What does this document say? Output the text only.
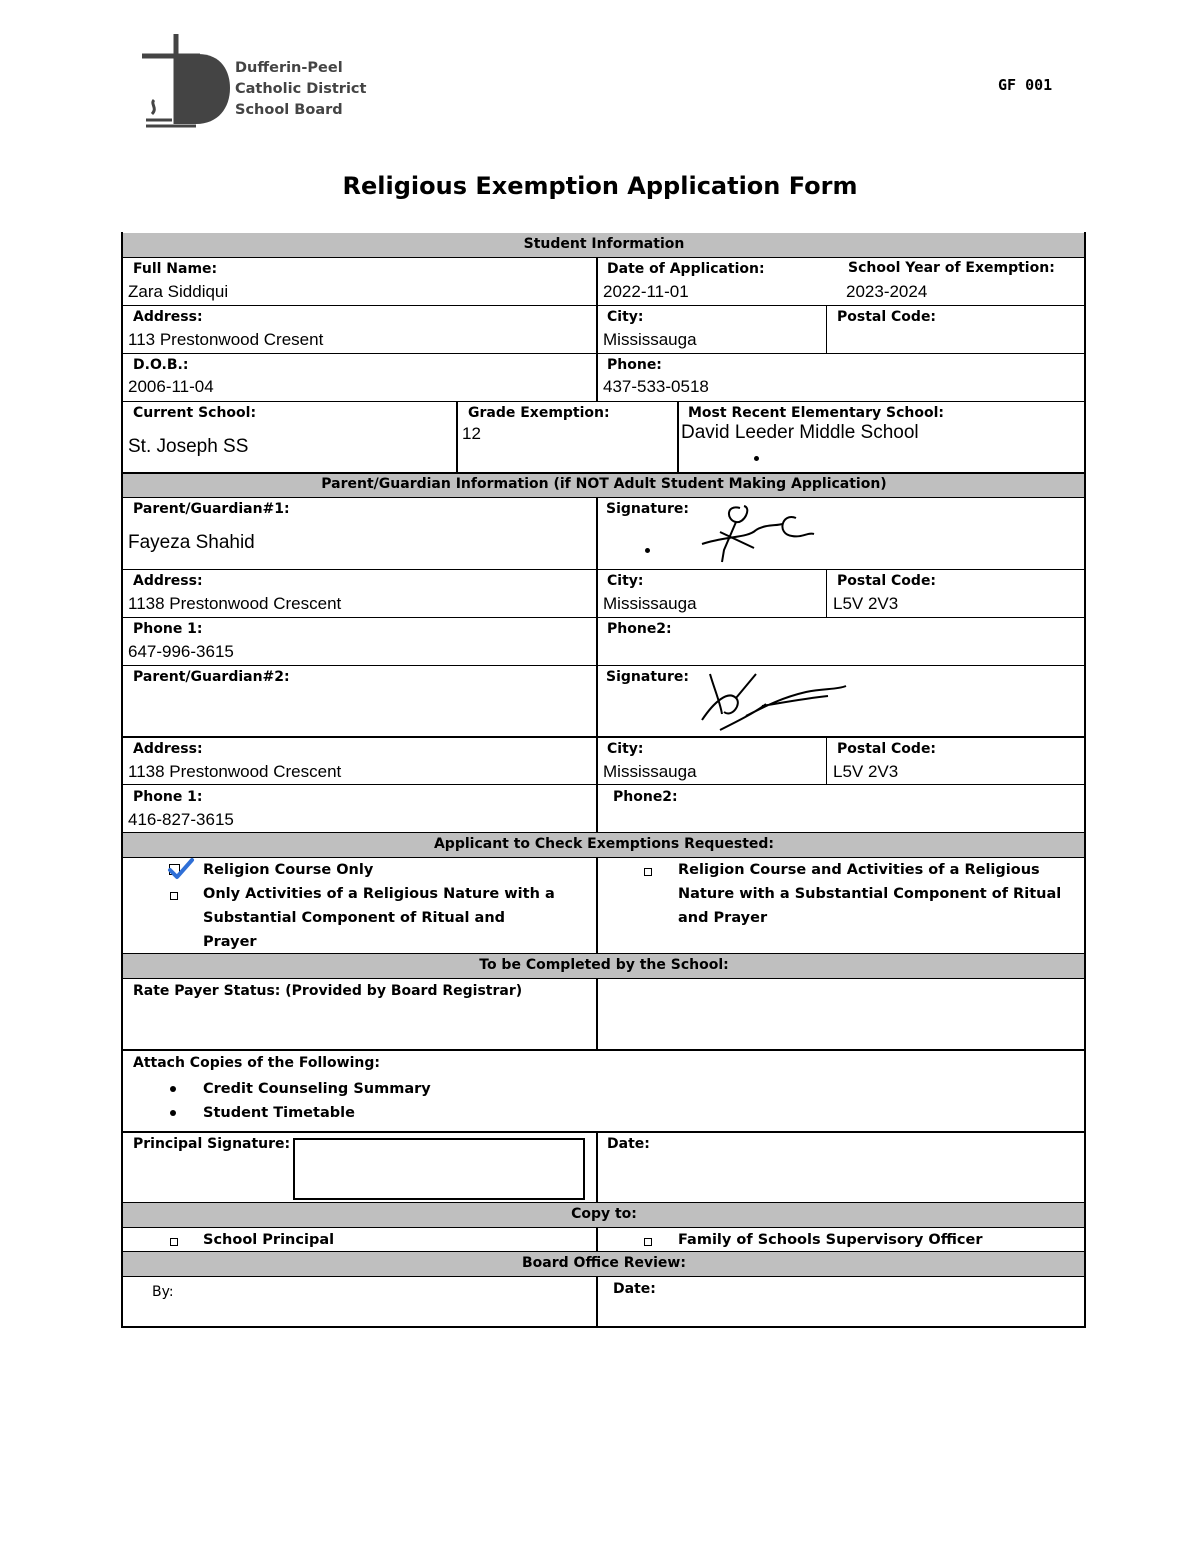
Dufferin-Peel
Catholic District
School Board
GF 001
Religious Exemption Application Form
Student Information
Parent/Guardian Information (if NOT Adult Student Making Application)
Applicant to Check Exemptions Requested:
To be Completed by the School:
Copy to:
Board Office Review:
Full Name:
Zara Siddiqui
Date of Application:
2022-11-01
School Year of Exemption:
2023-2024
Address:
113 Prestonwood Cresent
City:
Mississauga
Postal Code:
D.O.B.:
2006-11-04
Phone:
437-533-0518
Current School:
St. Joseph SS
Grade Exemption:
12
Most Recent Elementary School:
David Leeder Middle School
Parent/Guardian#1:
Fayeza Shahid
Signature:
Address:
1138 Prestonwood Crescent
City:
Mississauga
Postal Code:
L5V 2V3
Phone 1:
647-996-3615
Phone2:
Parent/Guardian#2:	Signature:
Address:
1138 Prestonwood Crescent
City:
Mississauga
Postal Code:
L5V 2V3
Phone 1:
416-827-3615
Phone2:
Religion Course Only
Only Activities of a Religious Nature with a Substantial Component of Ritual and Prayer
Religion Course and Activities of a Religious Nature with a Substantial Component of Ritual and Prayer
Rate Payer Status: (Provided by Board Registrar)
Attach Copies of the Following:
Credit Counseling Summary
Student Timetable
Principal Signature:	Date:
School Principal	Family of Schools Supervisory Officer
By:	Date:
